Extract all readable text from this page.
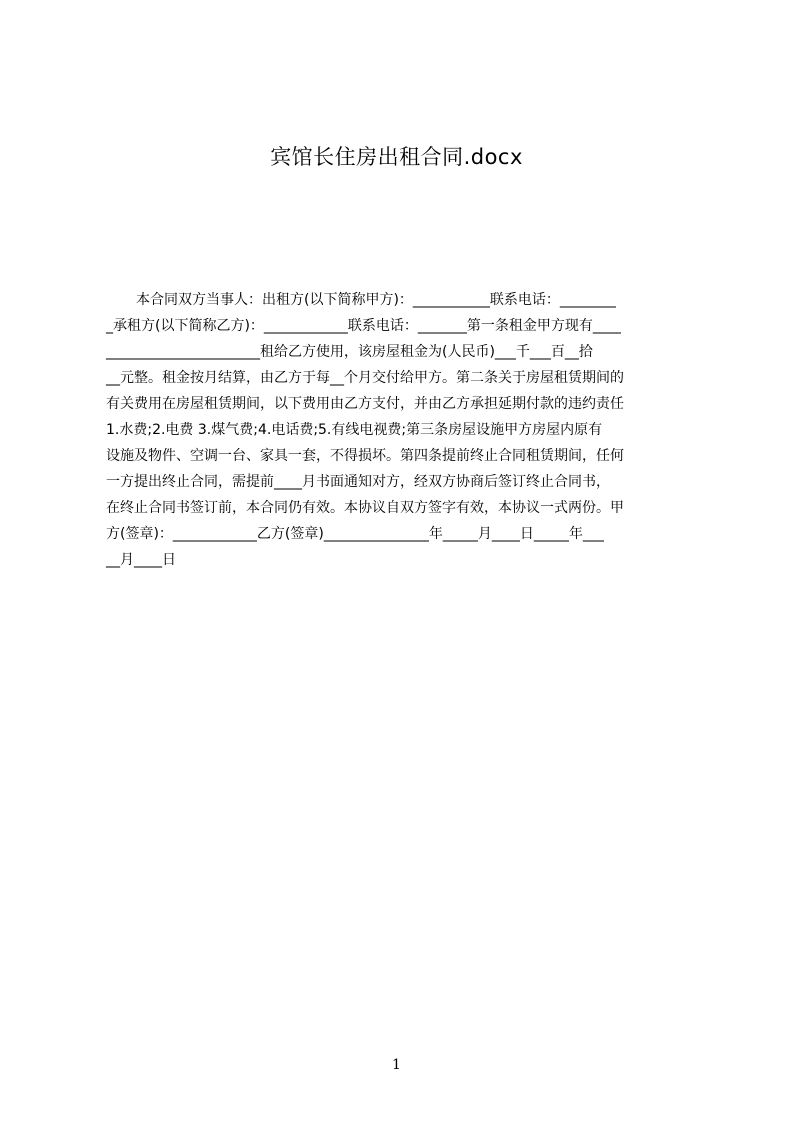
宾馆长住房出租合同.docx
本合同双方当事人：出租方(以下简称甲方)：___________联系电话：________
_承租方(以下简称乙方)：____________联系电话：_______第一条租金甲方现有____
______________________租给乙方使用，该房屋租金为(人民币)___千___百__拾
__元整。租金按月结算，由乙方于每__个月交付给甲方。第二条关于房屋租赁期间的
有关费用在房屋租赁期间，以下费用由乙方支付，并由乙方承担延期付款的违约责任
1.水费;2.电费 3.煤气费;4.电话费;5.有线电视费;第三条房屋设施甲方房屋内原有
设施及物件、空调一台、家具一套，不得损坏。第四条提前终止合同租赁期间，任何
一方提出终止合同，需提前____月书面通知对方，经双方协商后签订终止合同书，
在终止合同书签订前，本合同仍有效。本协议自双方签字有效，本协议一式两份。甲
方(签章)：____________乙方(签章)_______________年_____月____日_____年___
__月____日
1
